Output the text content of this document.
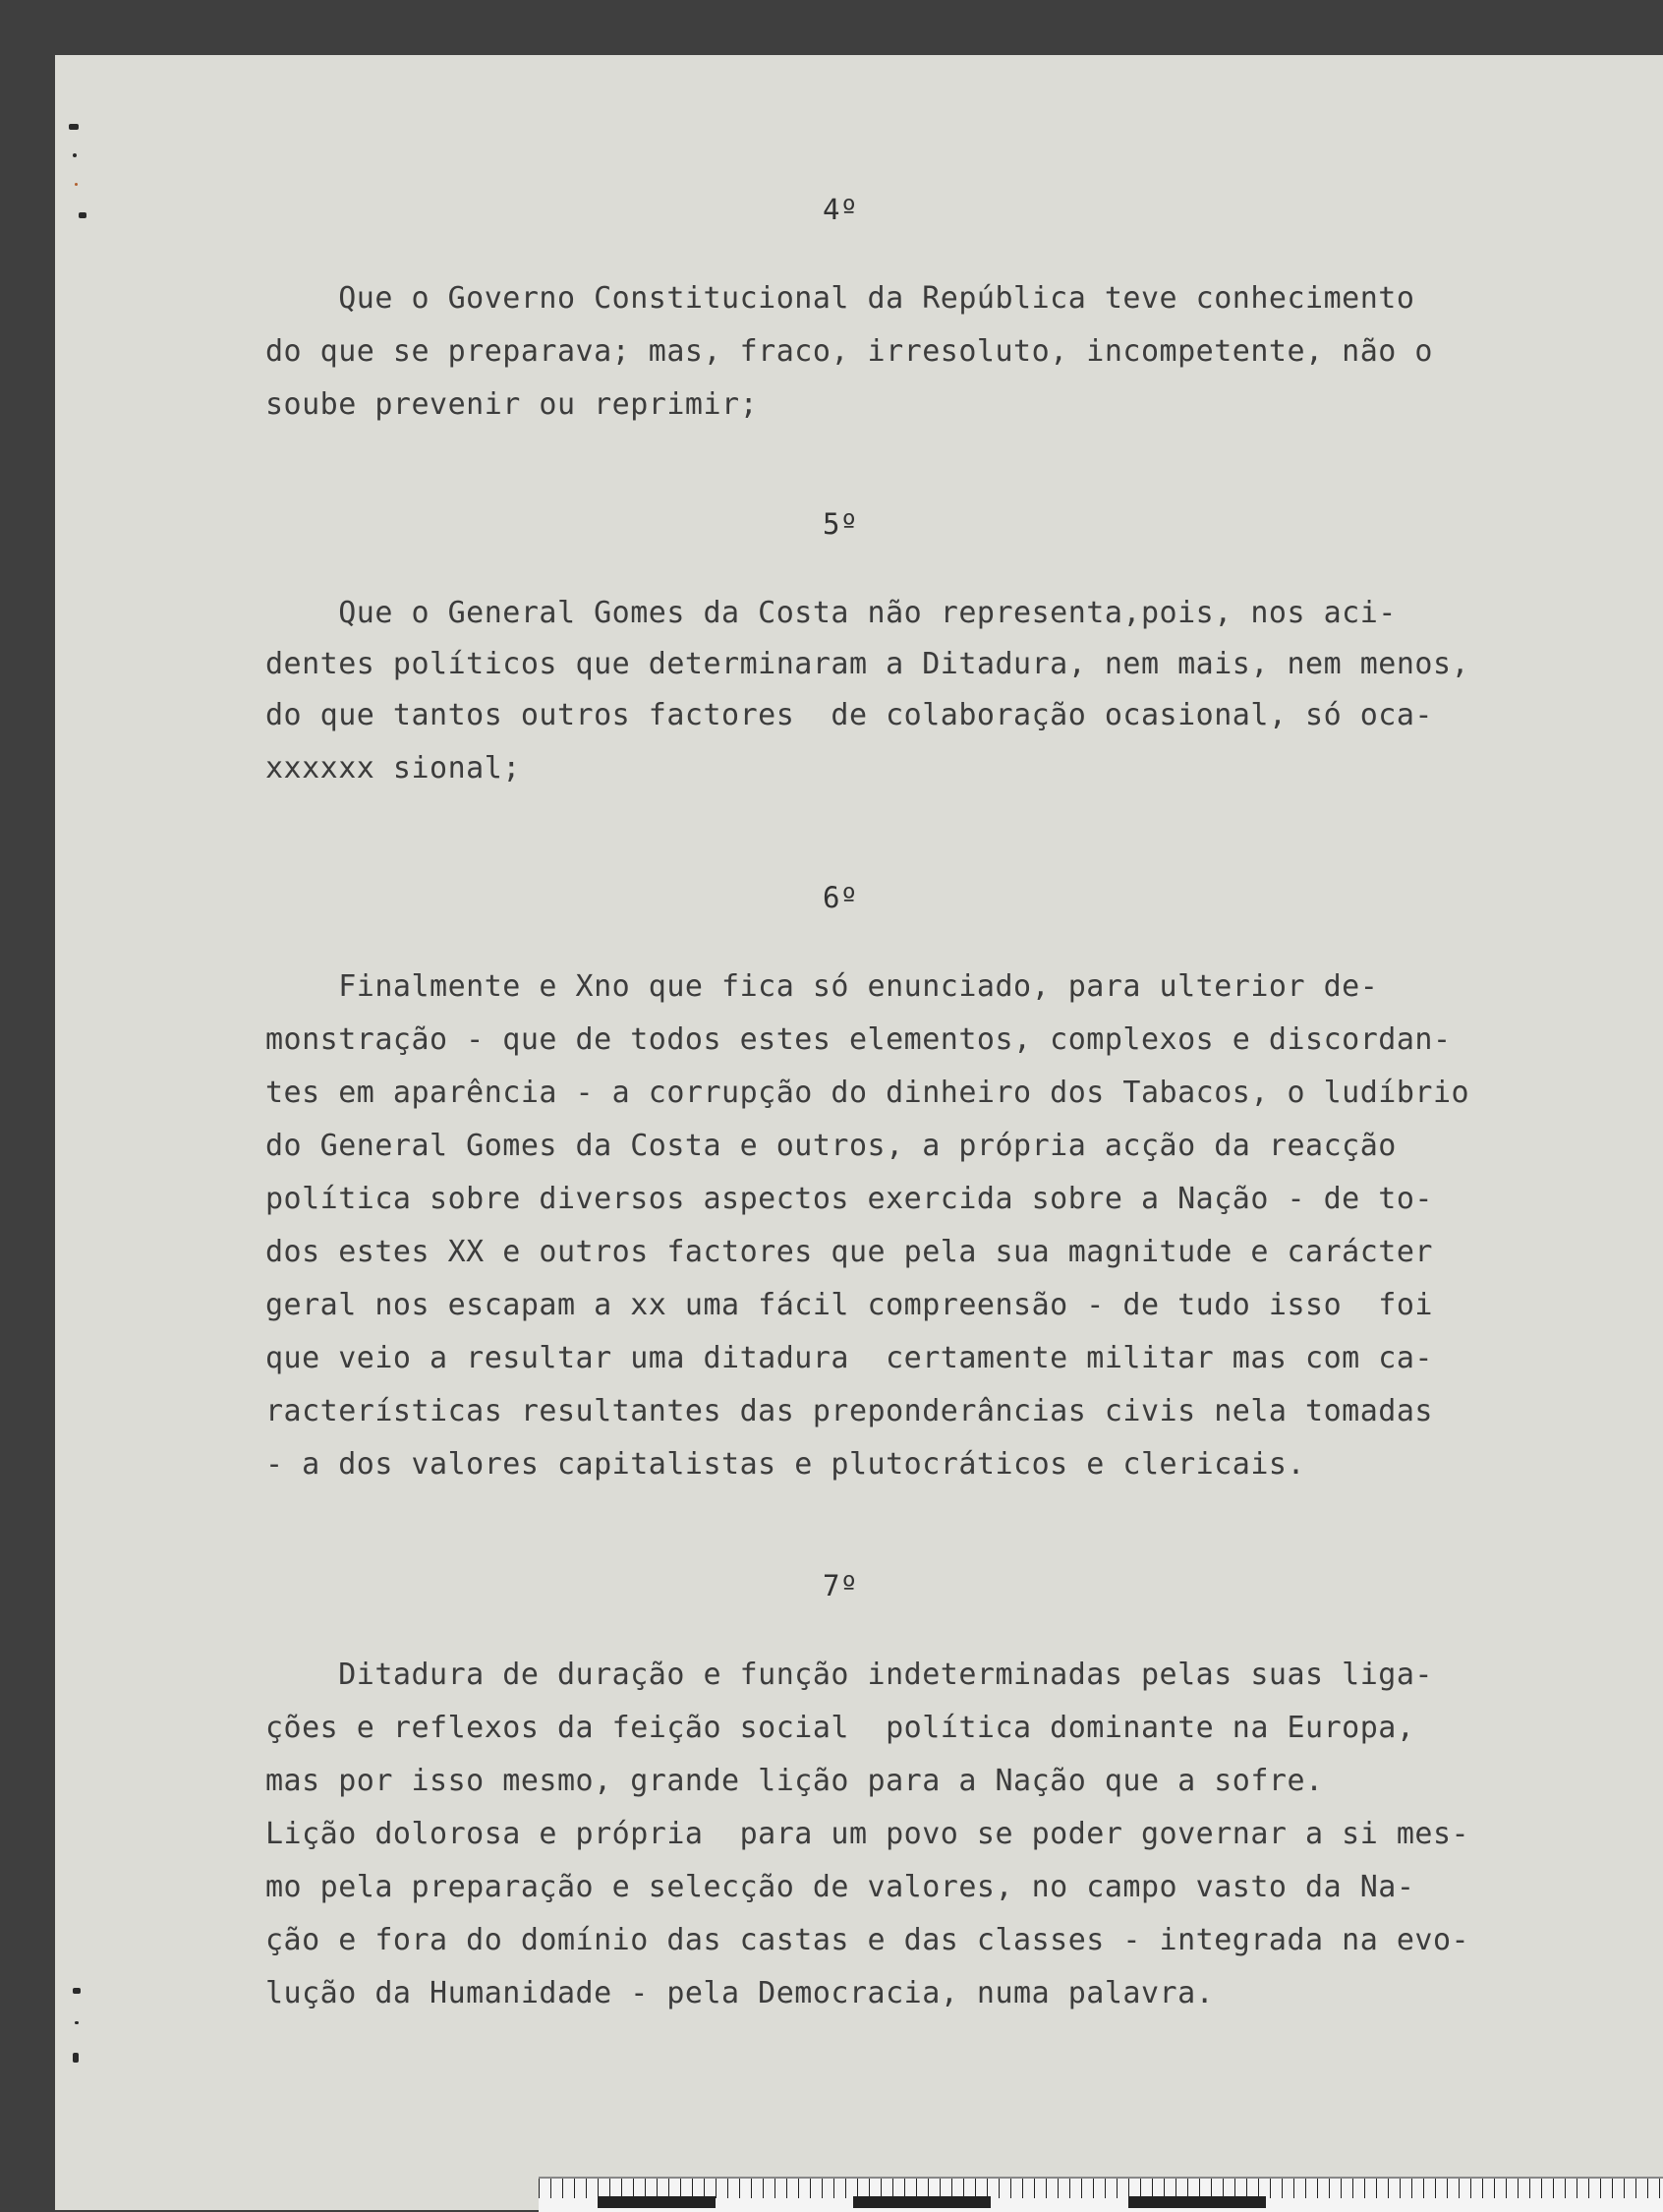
4º

Que o Governo Constitucional da República teve conhecimento

do que se preparava; mas, fraco, irresoluto, incompetente, não o

soube prevenir ou reprimir;

5º

Que o General Gomes da Costa não representa,pois, nos aci-

dentes políticos que determinaram a Ditadura, nem mais, nem menos,

do que tantos outros factores  de colaboração ocasional, só oca-

xxxxxx sional;

6º

Finalmente e Xno que fica só enunciado, para ulterior de-

monstração - que de todos estes elementos, complexos e discordan-

tes em aparência - a corrupção do dinheiro dos Tabacos, o ludíbrio

do General Gomes da Costa e outros, a própria acção da reacção

política sobre diversos aspectos exercida sobre a Nação - de to-

dos estes XX e outros factores que pela sua magnitude e carácter

geral nos escapam a xx uma fácil compreensão - de tudo isso  foi

que veio a resultar uma ditadura  certamente militar mas com ca-

racterísticas resultantes das preponderâncias civis nela tomadas

- a dos valores capitalistas e plutocráticos e clericais.

7º

Ditadura de duração e função indeterminadas pelas suas liga-

ções e reflexos da feição social  política dominante na Europa,

mas por isso mesmo, grande lição para a Nação que a sofre.

Lição dolorosa e própria  para um povo se poder governar a si mes-

mo pela preparação e selecção de valores, no campo vasto da Na-

ção e fora do domínio das castas e das classes - integrada na evo-

lução da Humanidade - pela Democracia, numa palavra.
